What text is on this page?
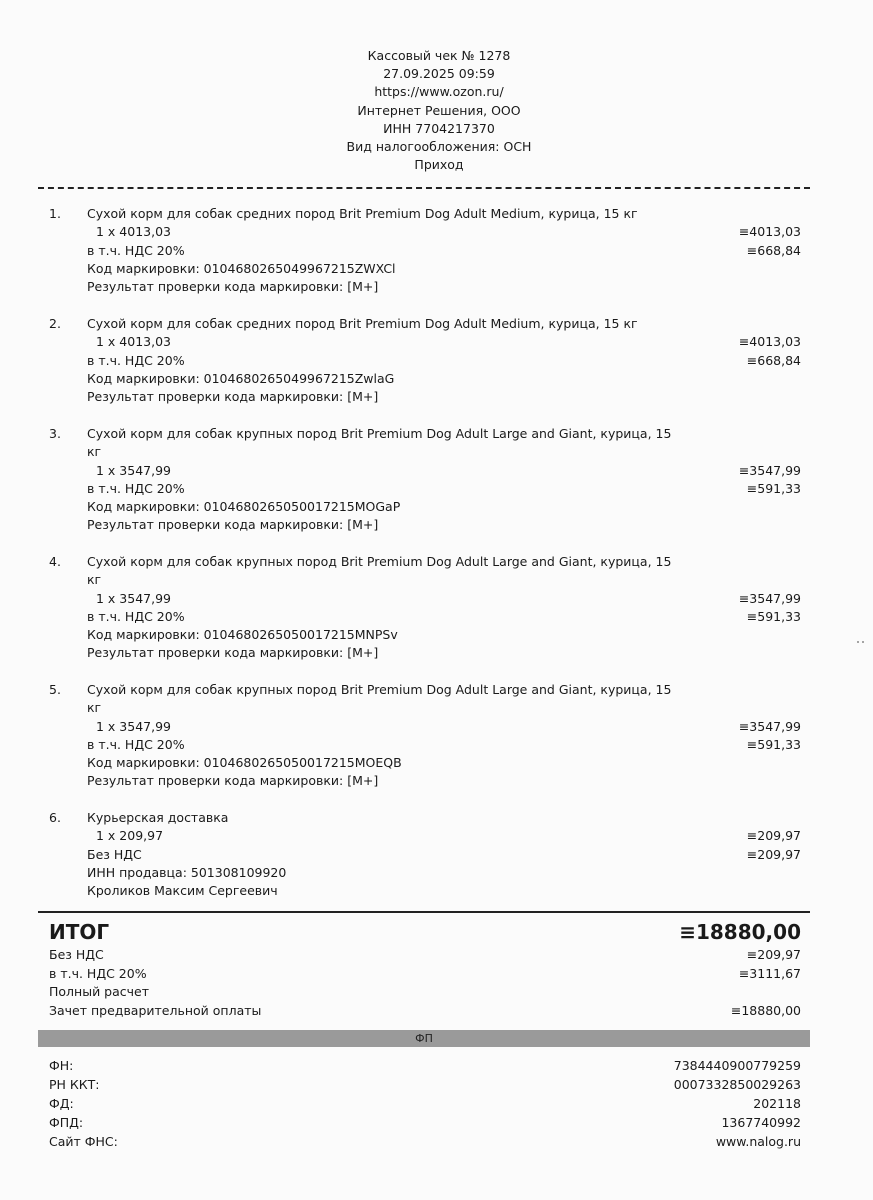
Кассовый чек № 1278
27.09.2025 09:59
https://www.ozon.ru/
Интернет Решения, ООО
ИНН 7704217370
Вид налогообложения: ОСН
Приход
1. Сухой корм для собак средних пород Brit Premium Dog Adult Medium, курица, 15 кг
1 x 4013,03	≡4013,03
в т.ч. НДС 20%	≡668,84
Код маркировки: 0104680265049967215ZWXCl
Результат проверки кода маркировки: [M+]
2. Сухой корм для собак средних пород Brit Premium Dog Adult Medium, курица, 15 кг
1 x 4013,03	≡4013,03
в т.ч. НДС 20%	≡668,84
Код маркировки: 0104680265049967215ZwlaG
Результат проверки кода маркировки: [M+]
3. Сухой корм для собак крупных пород Brit Premium Dog Adult Large and Giant, курица, 15
кг
1 x 3547,99	≡3547,99
в т.ч. НДС 20%	≡591,33
Код маркировки: 0104680265050017215MOGaP
Результат проверки кода маркировки: [M+]
4. Сухой корм для собак крупных пород Brit Premium Dog Adult Large and Giant, курица, 15
кг
1 x 3547,99	≡3547,99
в т.ч. НДС 20%	≡591,33
Код маркировки: 0104680265050017215MNPSv
Результат проверки кода маркировки: [M+]
5. Сухой корм для собак крупных пород Brit Premium Dog Adult Large and Giant, курица, 15
кг
1 x 3547,99	≡3547,99
в т.ч. НДС 20%	≡591,33
Код маркировки: 0104680265050017215MOEQB
Результат проверки кода маркировки: [M+]
6. Курьерская доставка
1 x 209,97	≡209,97
Без НДС	≡209,97
ИНН продавца: 501308109920
Кроликов Максим Сергеевич
ИТОГ	≡18880,00
Без НДС	≡209,97
в т.ч. НДС 20%	≡3111,67
Полный расчет
Зачет предварительной оплаты	≡18880,00
ФП
ФН:	7384440900779259
РН ККТ:	0007332850029263
ФД:	202118
ФПД:	1367740992
Сайт ФНС:	www.nalog.ru
